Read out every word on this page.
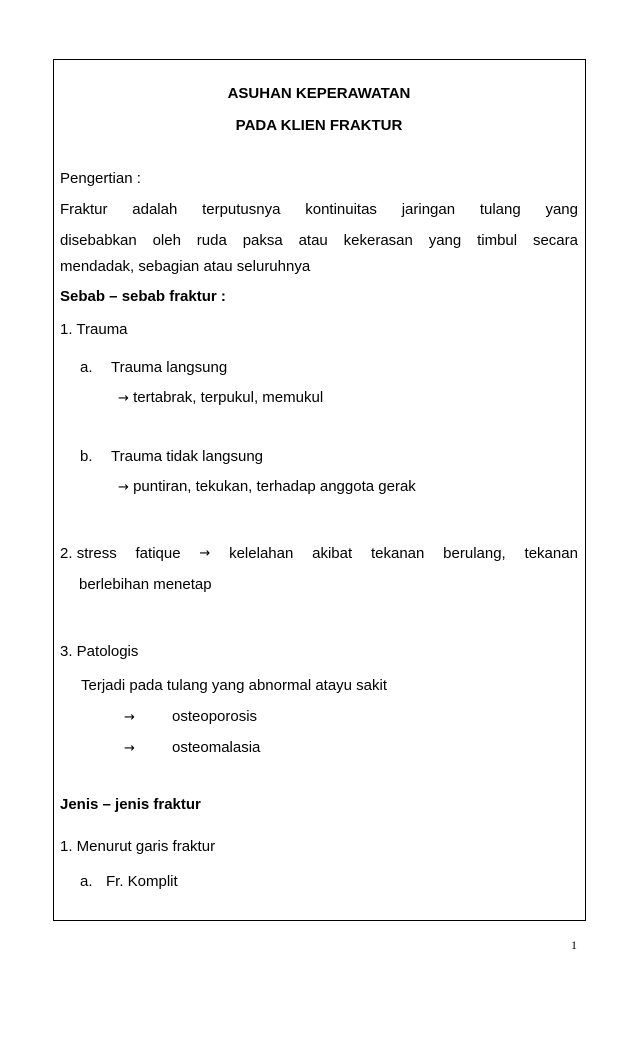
ASUHAN KEPERAWATAN
PADA KLIEN FRAKTUR
Pengertian :
Fraktur adalah terputusnya kontinuitas jaringan tulang yang
disebabkan oleh ruda paksa atau kekerasan yang timbul secara
mendadak, sebagian atau seluruhnya
Sebab – sebab fraktur :
1. Trauma
a. Trauma langsung
→ tertabrak, terpukul, memukul
b. Trauma tidak langsung
→ puntiran, tekukan, terhadap anggota gerak
2. stress fatique → kelelahan akibat tekanan berulang, tekanan
berlebihan menetap
3. Patologis
Terjadi pada tulang yang abnormal atayu sakit
→ osteoporosis
→ osteomalasia
Jenis – jenis fraktur
1. Menurut garis fraktur
a. Fr. Komplit
1
